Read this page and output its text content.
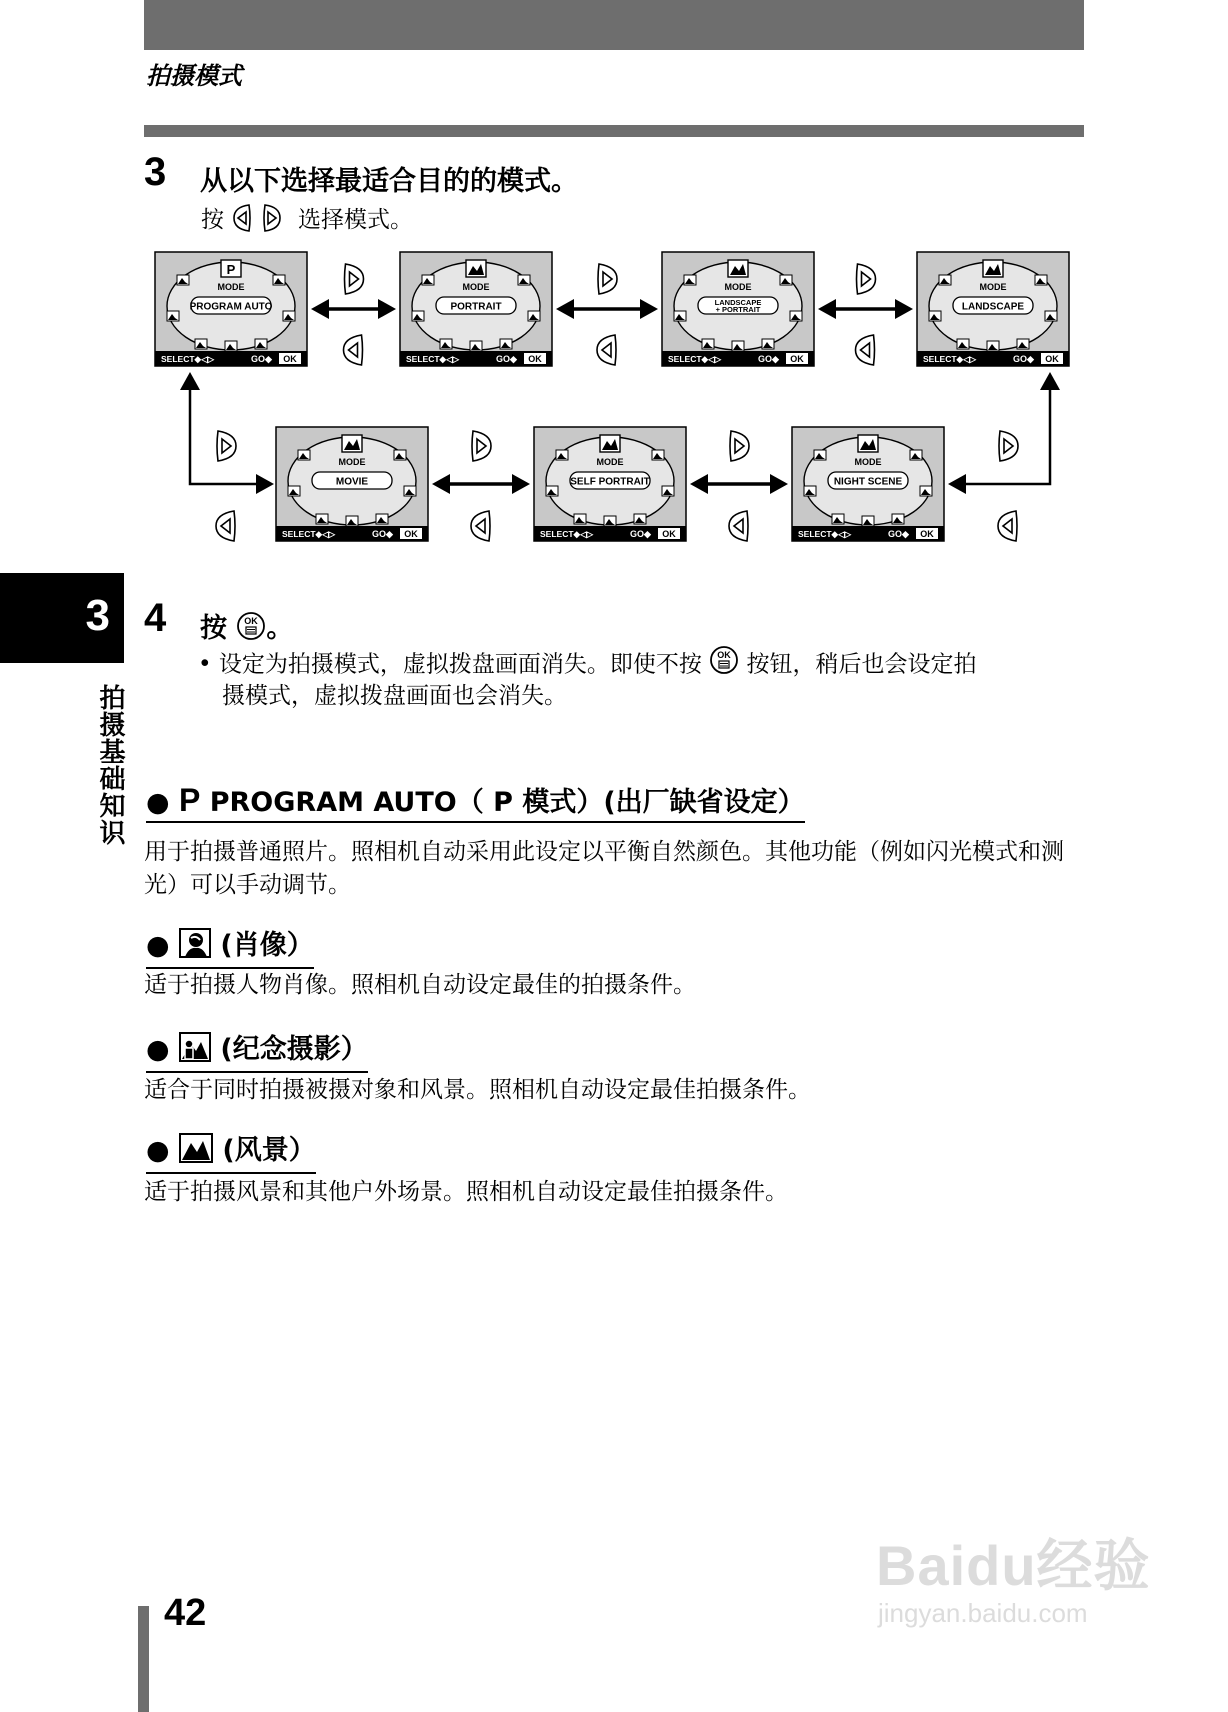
拍摄模式
3 从以下选择最适合目的的模式。
按	选择模式。
P
MODE
PROGRAM AUTO
SELECT◆◁▷	GO◆ OK
MODE
PORTRAIT
SELECT◆◁▷	GO◆ OK
MODE
LANDSCAPE
+ PORTRAIT
SELECT◆◁▷	GO◆ OK
MODE
LANDSCAPE
SELECT◆◁▷	GO◆ OK
MODE
MOVIE
SELECT◆◁▷	GO◆ OK
MODE
SELF PORTRAIT
SELECT◆◁▷	GO◆ OK
MODE
NIGHT SCENE
SELECT◆◁▷	GO◆ OK
3
拍摄基础知识
4 按 OK 。
• 设定为拍摄模式，虚拟拨盘画面消失。即使不按 OK 按钮，稍后也会设定拍
摄模式，虚拟拨盘画面也会消失。
● P PROGRAM AUTO（ P 模式）(出厂缺省设定）
用于拍摄普通照片。照相机自动采用此设定以平衡自然颜色。其他功能（例如闪光模式和测光）可以手动调节。
● (肖像）
适于拍摄人物肖像。照相机自动设定最佳的拍摄条件。
● (纪念摄影）
适合于同时拍摄被摄对象和风景。照相机自动设定最佳拍摄条件。
● (风景）
适于拍摄风景和其他户外场景。照相机自动设定最佳拍摄条件。
42
Baidu经验
jingyan.baidu.com
